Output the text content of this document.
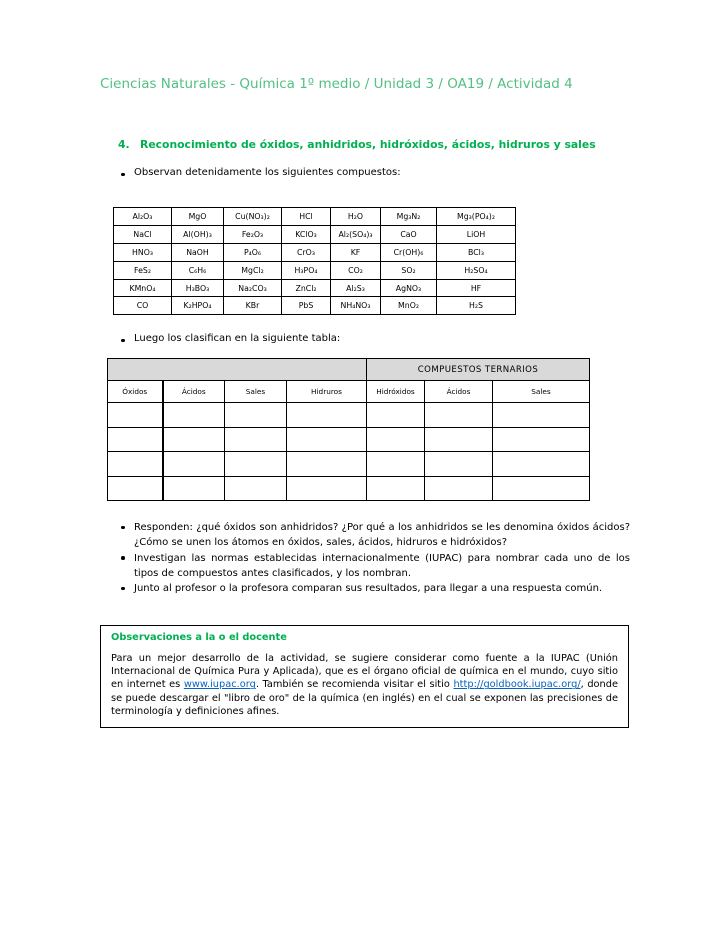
Ciencias Naturales - Química 1º medio / Unidad 3 / OA19 / Actividad 4
4. Reconocimiento de óxidos, anhidridos, hidróxidos, ácidos, hidruros y sales
Observan detenidamente los siguientes compuestos:
Al₂O₃	MgO	Cu(NO₃)₂	HCl	H₂O	Mg₃N₂	Mg₃(PO₄)₂
NaCl	Al(OH)₃	Fe₂O₃	KClO₃	Al₂(SO₄)₃	CaO	LiOH
HNO₃	NaOH	P₄O₆	CrO₃	KF	Cr(OH)₆	BCl₃
FeS₂	C₆H₆	MgCl₂	H₃PO₄	CO₂	SO₂	H₂SO₄
KMnO₄	H₃BO₃	Na₂CO₃	ZnCl₂	Al₂S₃	AgNO₃	HF
CO	K₂HPO₄	KBr	PbS	NH₄NO₃	MnO₂	H₂S
Luego los clasifican en la siguiente tabla:
				COMPUESTOS TERNARIOS		
Óxidos	Ácidos	Sales	Hidruros	Hidróxidos	Ácidos	Sales

Responden: ¿qué óxidos son anhidridos? ¿Por qué a los anhidridos se les denomina óxidos ácidos? ¿Cómo se unen los átomos en óxidos, sales, ácidos, hidruros e hidróxidos?
Investigan las normas establecidas internacionalmente (IUPAC) para nombrar cada uno de los tipos de compuestos antes clasificados, y los nombran.
Junto al profesor o la profesora comparan sus resultados, para llegar a una respuesta común.
Observaciones a la o el docente

Para un mejor desarrollo de la actividad, se sugiere considerar como fuente a la IUPAC (Unión Internacional de Química Pura y Aplicada), que es el órgano oficial de química en el mundo, cuyo sitio en internet es www.iupac.org. También se recomienda visitar el sitio http://goldbook.iupac.org/, donde se puede descargar el "libro de oro" de la química (en inglés) en el cual se exponen las precisiones de terminología y definiciones afines.
